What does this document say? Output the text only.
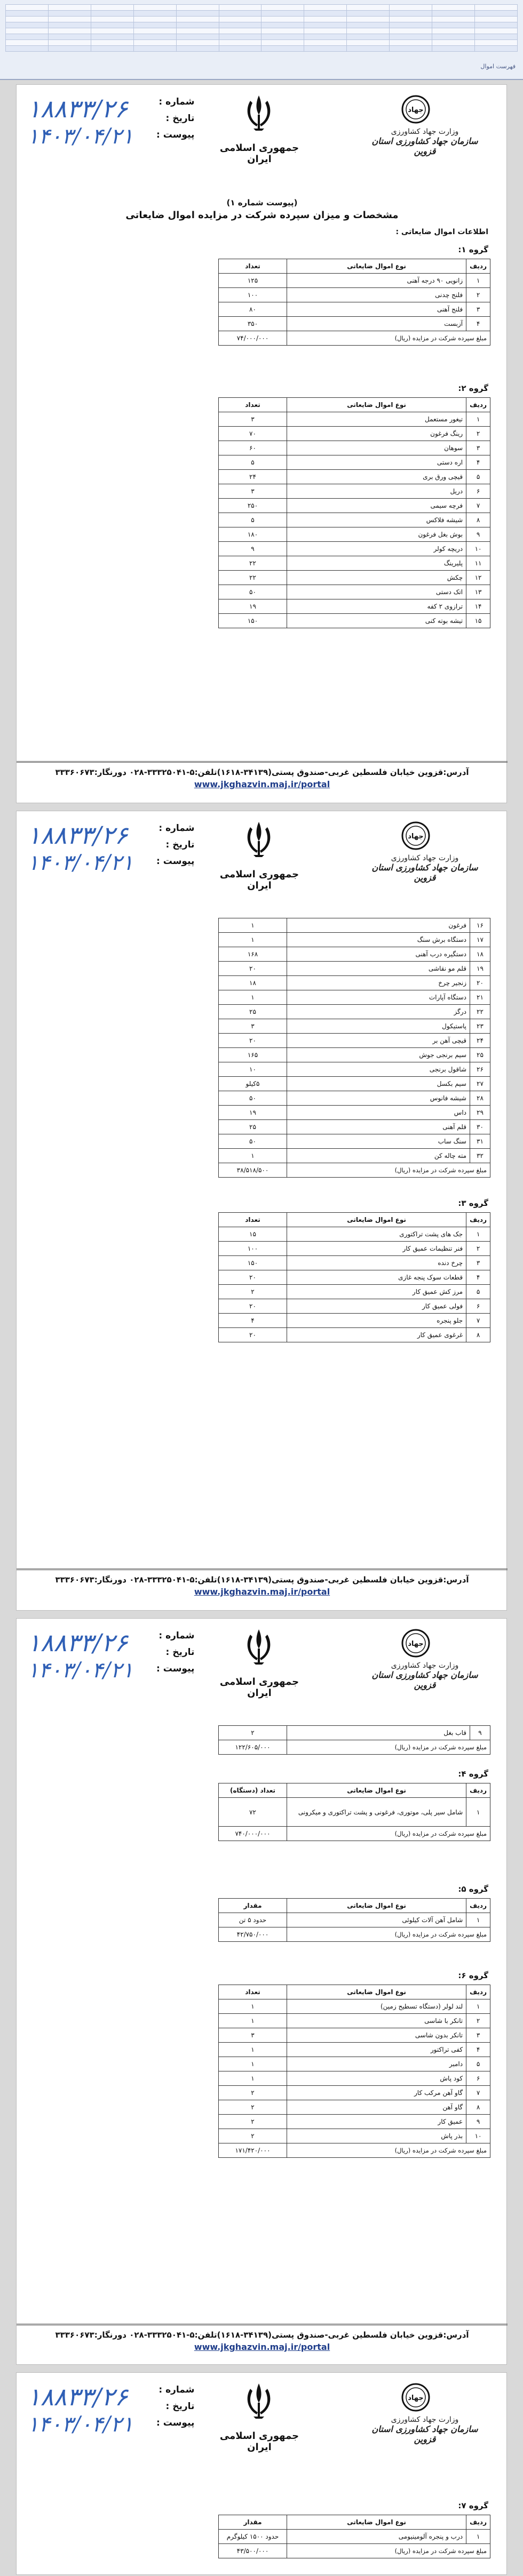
فهرست اموال
۱۸۸۳۳/۲۶
۱۴۰۳/۰۴/۲۱
شماره :
تاریخ :
پیوست :
جمهوری اسلامی ایران
جهاد
وزارت جهاد کشاورزی
سازمان جهاد کشاورزی استان قزوین
(پیوست شماره ۱)
مشخصات و میزان سپرده شرکت در مزایده اموال ضایعاتی
اطلاعات اموال ضایعاتی :
گروه ۱:
ردیف	نوع اموال ضایعاتی	تعداد
۱	زانویی ۹۰ درجه آهنی	۱۲۵
۲	فلنج چدنی	۱۰۰
۳	فلنج آهنی	۸۰
۴	آزبست	۳۵۰
مبلغ سپرده شرکت در مزایده (ریال)		۷۴/۰۰۰/۰۰۰
گروه ۲:
ردیف	نوع اموال ضایعاتی	تعداد
۱	تیغور مستعمل	۳
۲	رینگ فرغون	۷۰
۳	سوهان	۶۰
۴	اره دستی	۵
۵	قیچی ورق بری	۲۴
۶	دریل	۳
۷	فرچه سیمی	۲۵۰
۸	شیشه فلاکس	۵
۹	بوش بغل فرغون	۱۸۰
۱۰	دریچه کولر	۹
۱۱	پلیرینگ	۲۲
۱۲	چکش	۲۲
۱۳	اتک دستی	۵۰
۱۴	ترازوی ۲ کفه	۱۹
۱۵	تیشه بوته کنی	۱۵۰
آدرس:قزوین خیابان فلسطین غربی-صندوق پستی(۳۴۱۳۹-۱۶۱۸)تلفن:۵-۳۳۳۲۵۰۴۱-۰۲۸ دورنگار:۳۳۳۶۰۶۷۳
www.jkghazvin.maj.ir/portal
۱۸۸۳۳/۲۶
۱۴۰۳/۰۴/۲۱
شماره :
تاریخ :
پیوست :
جمهوری اسلامی ایران
جهاد
وزارت جهاد کشاورزی
سازمان جهاد کشاورزی استان قزوین
۱۶	فرغون	۱
۱۷	دستگاه برش سنگ	۱
۱۸	دستگیره درب آهنی	۱۶۸
۱۹	قلم مو نقاشی	۲۰
۲۰	زنجیر چرخ	۱۸
۲۱	دستگاه آپارات	۱
۲۲	درگز	۲۵
۲۳	پاستیکول	۳
۲۴	قیچی آهن بر	۲۰
۲۵	سیم برنجی جوش	۱۶۵
۲۶	شاقول برنجی	۱۰
۲۷	سیم بکسل	۵کیلو
۲۸	شیشه فانوس	۵۰
۲۹	داس	۱۹
۳۰	قلم آهنی	۲۵
۳۱	سنگ ساب	۵۰
۳۲	مته چاله کن	۱
مبلغ سپرده شرکت در مزایده (ریال)		۳۸/۵۱۸/۵۰۰
گروه ۳:
ردیف	نوع اموال ضایعاتی	تعداد
۱	جک های پشت تراکتوری	۱۵
۲	فنر تنظیمات عمیق کار	۱۰۰
۳	چرخ دنده	۱۵۰
۴	قطعات سوک پنجه غازی	۲۰
۵	مرز کش عمیق کار	۲
۶	فولی عمیق کار	۲۰
۷	جلو پنجره	۴
۸	غرغوی عمیق کار	۲۰
آدرس:قزوین خیابان فلسطین غربی-صندوق پستی(۳۴۱۳۹-۱۶۱۸)تلفن:۵-۳۳۳۲۵۰۴۱-۰۲۸ دورنگار:۳۳۳۶۰۶۷۳
www.jkghazvin.maj.ir/portal
۱۸۸۳۳/۲۶
۱۴۰۳/۰۴/۲۱
شماره :
تاریخ :
پیوست :
جمهوری اسلامی ایران
جهاد
وزارت جهاد کشاورزی
سازمان جهاد کشاورزی استان قزوین
۹	قاب بغل	۲
مبلغ سپرده شرکت در مزایده (ریال)		۱۲۲/۶۰۵/۰۰۰
گروه ۴:
ردیف	نوع اموال ضایعاتی	تعداد (دستگاه)
۱	شامل سیر پلی، موتوری، فرغونی و پشت تراکتوری و میکرونی	۷۲
مبلغ سپرده شرکت در مزایده (ریال)		۷۴۰/۰۰۰/۰۰۰
گروه ۵:
ردیف	نوع اموال ضایعاتی	مقدار
۱	شامل آهن آلات کیلوئی	حدود ۵ تن
مبلغ سپرده شرکت در مزایده (ریال)		۴۲/۷۵۰/۰۰۰
گروه ۶:
ردیف	نوع اموال ضایعاتی	تعداد
۱	لند لولر (دستگاه تسطیح زمین)	۱
۲	تانکر با شاسی	۱
۳	تانکر بدون شاسی	۳
۴	کفی تراکتور	۱
۵	دامبر	۱
۶	کود پاش	۱
۷	گاو آهن مرکب کار	۲
۸	گاو آهن	۲
۹	عمیق کار	۲
۱۰	بذر پاش	۲
مبلغ سپرده شرکت در مزایده (ریال)		۱۷۱/۴۲۰/۰۰۰
آدرس:قزوین خیابان فلسطین غربی-صندوق پستی(۳۴۱۳۹-۱۶۱۸)تلفن:۵-۳۳۳۲۵۰۴۱-۰۲۸ دورنگار:۳۳۳۶۰۶۷۳
www.jkghazvin.maj.ir/portal
۱۸۸۳۳/۲۶
۱۴۰۳/۰۴/۲۱
شماره :
تاریخ :
پیوست :
جمهوری اسلامی ایران
جهاد
وزارت جهاد کشاورزی
سازمان جهاد کشاورزی استان قزوین
گروه ۷:
ردیف	نوع اموال ضایعاتی	مقدار
۱	درب و پنجره آلومینیومی	حدود ۱۵۰۰ کیلوگرم
مبلغ سپرده شرکت در مزایده (ریال)		۴۳/۵۰۰/۰۰۰
